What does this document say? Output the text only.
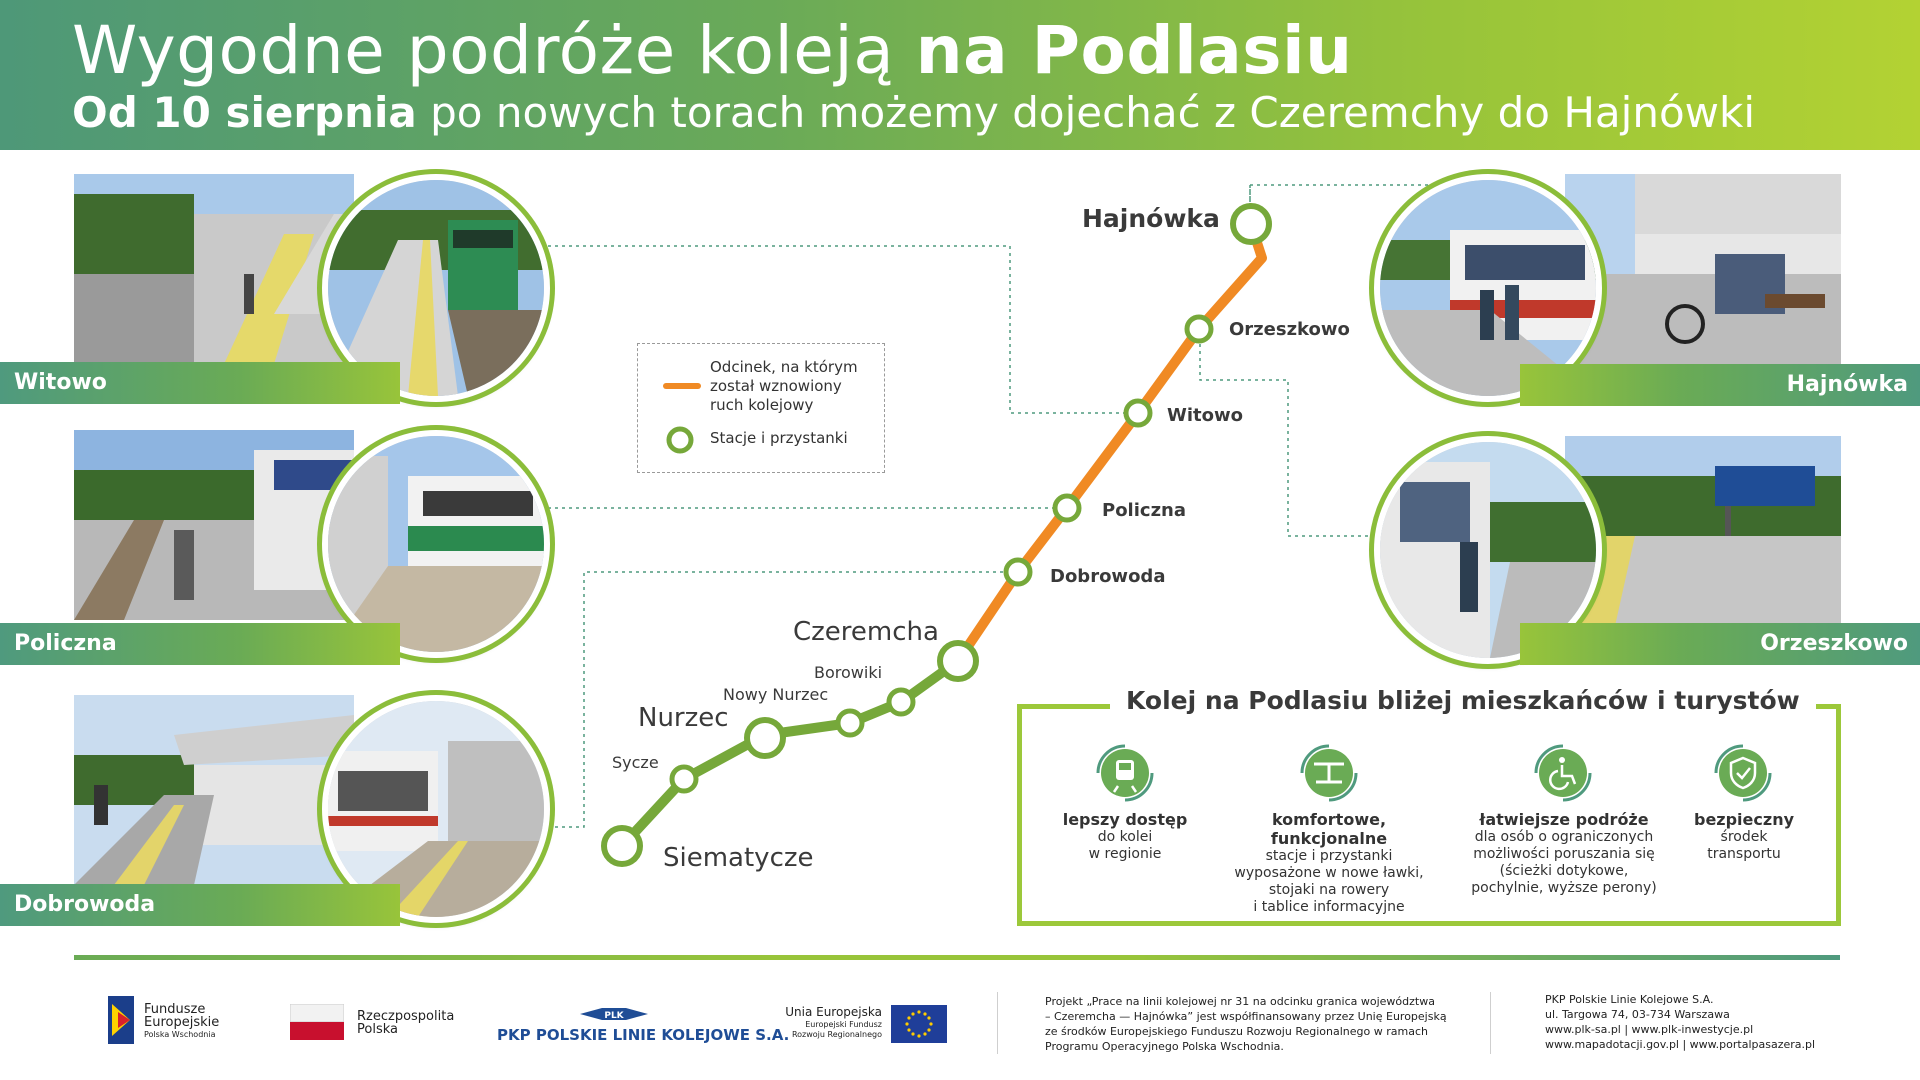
Wygodne podróże koleją na Podlasiu
Od 10 sierpnia po nowych torach możemy dojechać z Czeremchy do Hajnówki
Hajnówka
Orzeszkowo
Witowo
Policzna
Dobrowoda
Czeremcha
Borowiki
Nowy Nurzec
Nurzec
Sycze
Siematycze
Odcinek, na którym
został wznowiony
ruch kolejowy
Stacje i przystanki
Witowo
Policzna
Dobrowoda
Hajnówka
Orzeszkowo
Kolej na Podlasiu bliżej mieszkańców i turystów
lepszy dostęp
do kolei
w regionie
komfortowe, funkcjonalne
stacje i przystanki
wyposażone w nowe ławki,
stojaki na rowery
i tablice informacyjne
łatwiejsze podróże
dla osób o ograniczonych
możliwości poruszania się
(ścieżki dotykowe,
pochylnie, wyższe perony)
bezpieczny
środek
transportu
Fundusze
Europejskie
Polska Wschodnia
Rzeczpospolita
Polska
PLK
PKP POLSKIE LINIE KOLEJOWE S.A.
Unia Europejska
Europejski Fundusz
Rozwoju Regionalnego
Projekt „Prace na linii kolejowej nr 31 na odcinku granica województwa
– Czeremcha — Hajnówka” jest współfinansowany przez Unię Europejską
ze środków Europejskiego Funduszu Rozwoju Regionalnego w ramach
Programu Operacyjnego Polska Wschodnia.
PKP Polskie Linie Kolejowe S.A.
ul. Targowa 74, 03-734 Warszawa
www.plk-sa.pl | www.plk-inwestycje.pl
www.mapadotacji.gov.pl | www.portalpasazera.pl
